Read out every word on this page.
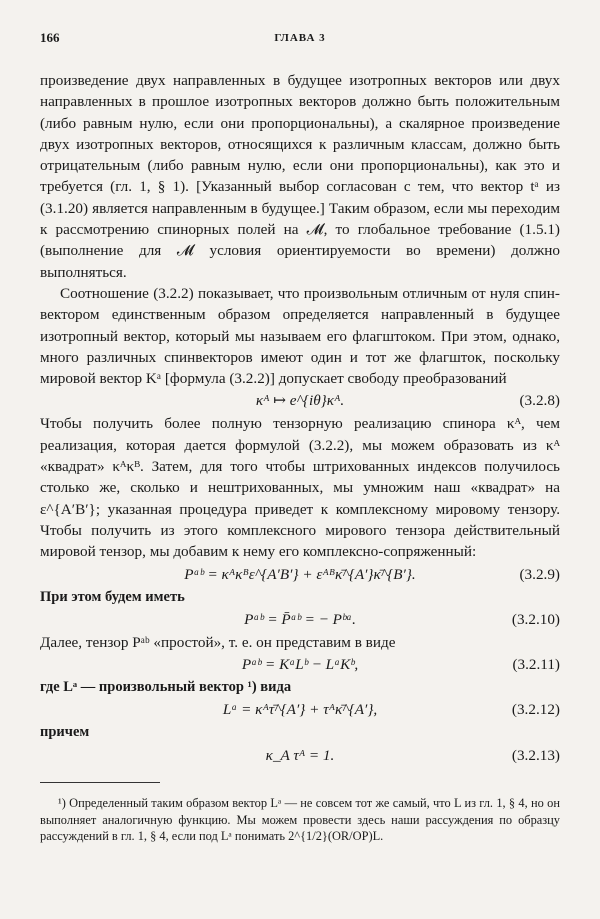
166	ГЛАВА 3

произведение двух направленных в будущее изотропных векторов или двух направленных в прошлое изотропных векторов должно быть положительным (либо равным нулю, если они пропорциональны), а скалярное произведение двух изотропных векторов, относящихся к различным классам, должно быть отрицательным (либо равным нулю, если они пропорциональны), как это и требуется (гл. 1, § 1). [Указанный выбор согласован с тем, что вектор tᵃ из (3.1.20) является направленным в будущее.] Таким образом, если мы переходим к рассмотрению спинорных полей на 𝓜, то глобальное требование (1.5.1) (выполнение для 𝓜 условия ориентируемости во времени) должно выполняться.

Соотношение (3.2.2) показывает, что произвольным отличным от нуля спин-вектором единственным образом определяется направленный в будущее изотропный вектор, который мы называем его флагштоком. При этом, однако, много различных спинвекторов имеют один и тот же флагшток, поскольку мировой вектор Kᵃ [формула (3.2.2)] допускает свободу преобразований

κᴬ ↦ e^{iθ}κᴬ.	(3.2.8)

Чтобы получить более полную тензорную реализацию спинора κᴬ, чем реализация, которая дается формулой (3.2.2), мы можем образовать из κᴬ «квадрат» κᴬκᴮ. Затем, для того чтобы штрихованных индексов получилось столько же, сколько и нештрихованных, мы умножим наш «квадрат» на ε^{A′B′}; указанная процедура приведет к комплексному мировому тензору. Чтобы получить из этого комплексного мирового тензора действительный мировой тензор, мы добавим к нему его комплексно-сопряженный:

Pᵃᵇ = κᴬκᴮε^{A′B′} + εᴬᴮκ̄^{A′}κ̄^{B′}.	(3.2.9)

При этом будем иметь

Pᵃᵇ = P̄ᵃᵇ = − Pᵇᵃ.	(3.2.10)

Далее, тензор Pᵃᵇ «простой», т. е. он представим в виде

Pᵃᵇ = KᵃLᵇ − LᵃKᵇ,	(3.2.11)

где Lᵃ — произвольный вектор ¹) вида

Lᵃ = κᴬτ̄^{A′} + τᴬκ̄^{A′},	(3.2.12)

причем

κ_A τᴬ = 1.	(3.2.13)

¹) Определенный таким образом вектор Lᵃ — не совсем тот же самый, что L из гл. 1, § 4, но он выполняет аналогичную функцию. Мы можем провести здесь наши рассуждения по образцу рассуждений в гл. 1, § 4, если под Lᵃ понимать 2^{1/2}(OR/OP)L.
